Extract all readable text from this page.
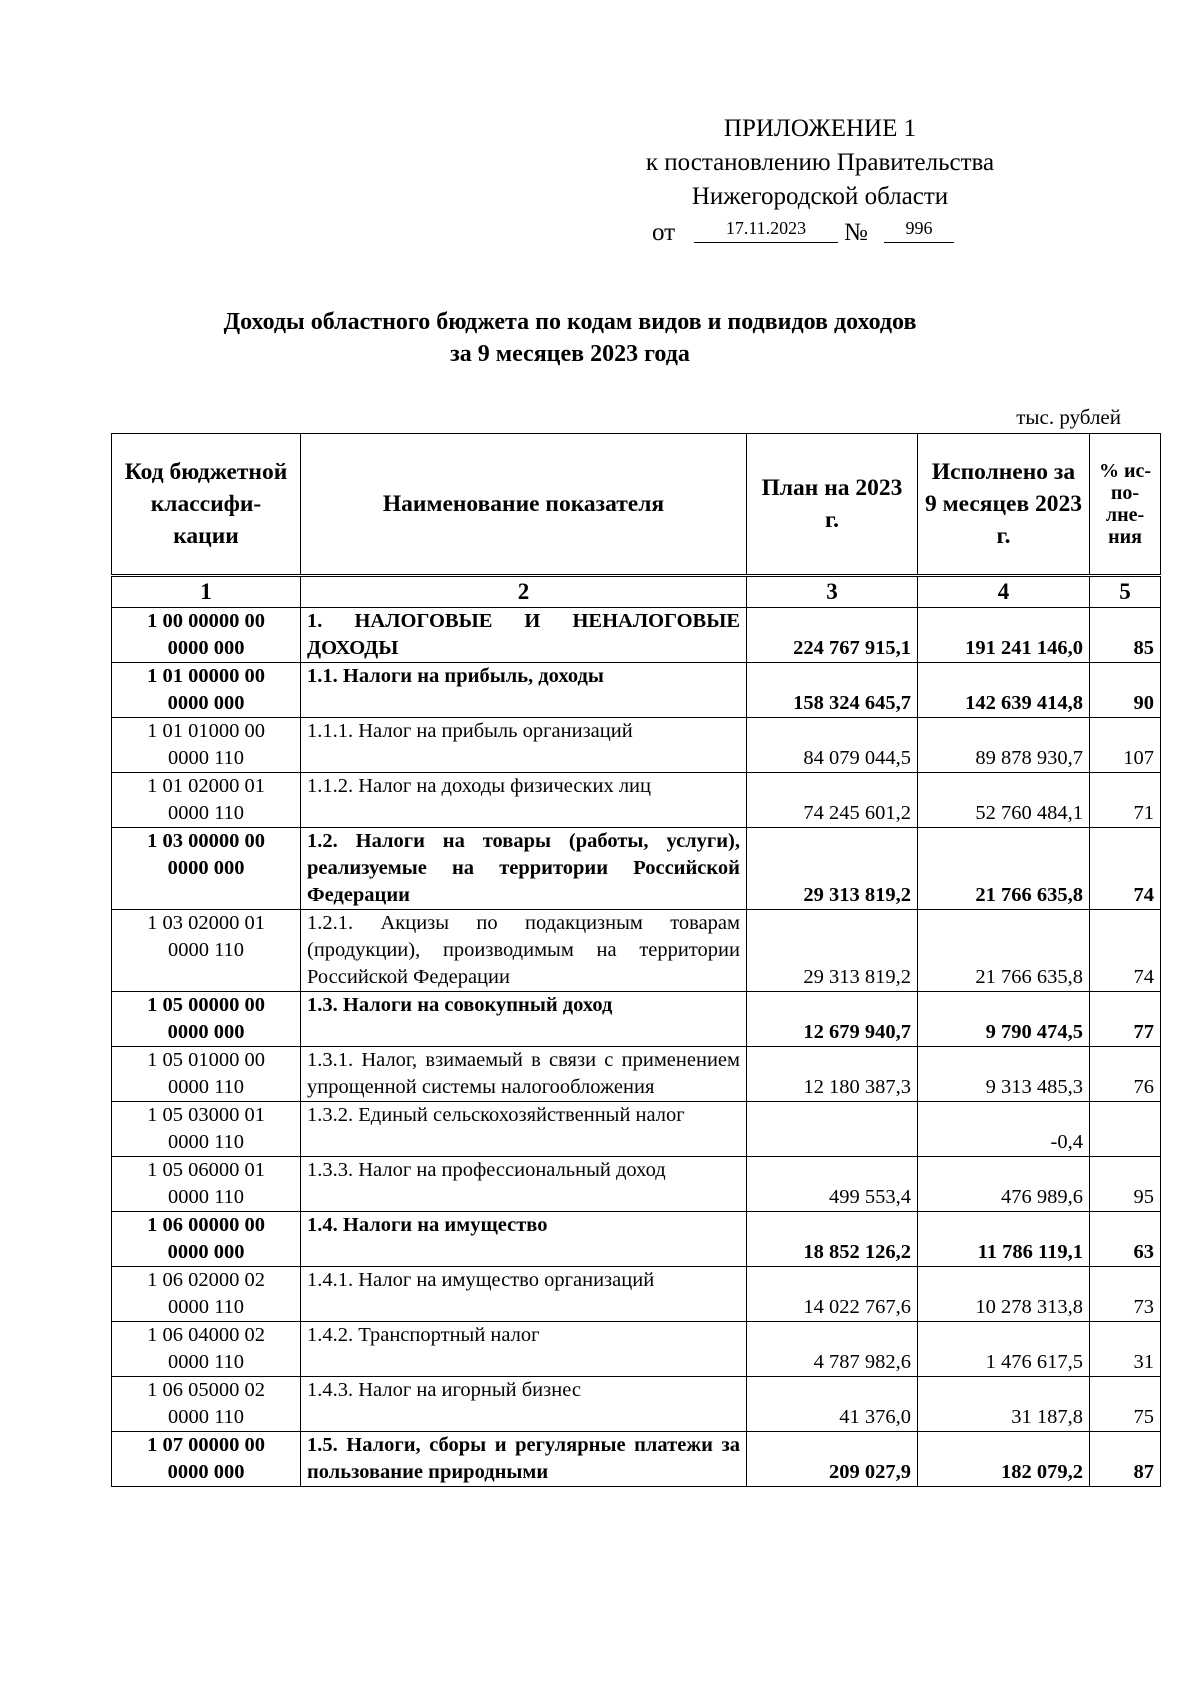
ПРИЛОЖЕНИЕ 1
к постановлению Правительства
Нижегородской области
от	17.11.2023	№	996
Доходы областного бюджета по кодам видов и подвидов доходов
за 9 месяцев 2023 года
тыс. рублей
Код бюджетной классифи-кации	Наименование показателя	План на 2023 г.	Исполнено за 9 месяцев 2023 г.	% ис-по-лне-ния
1	2	3	4	5

1 00 00000 00
0000 000	1. НАЛОГОВЫЕ И НЕНАЛОГОВЫЕ ДОХОДЫ	224 767 915,1	191 241 146,0	85

1 01 00000 00
0000 000	1.1. Налоги на прибыль, доходы	158 324 645,7	142 639 414,8	90

1 01 01000 00
0000 110	1.1.1. Налог на прибыль организаций	84 079 044,5	89 878 930,7	107

1 01 02000 01
0000 110	1.1.2. Налог на доходы физических лиц	74 245 601,2	52 760 484,1	71

1 03 00000 00
0000 000	1.2. Налоги на товары (работы, услуги), реализуемые на территории Российской Федерации	29 313 819,2	21 766 635,8	74

1 03 02000 01
0000 110	1.2.1. Акцизы по подакцизным товарам (продукции), производимым на территории Российской Федерации	29 313 819,2	21 766 635,8	74

1 05 00000 00
0000 000	1.3. Налоги на совокупный доход	12 679 940,7	9 790 474,5	77

1 05 01000 00
0000 110	1.3.1. Налог, взимаемый в связи с применением упрощенной системы налогообложения	12 180 387,3	9 313 485,3	76

1 05 03000 01
0000 110	1.3.2. Единый сельскохозяйственный налог		-0,4	

1 05 06000 01
0000 110	1.3.3. Налог на профессиональный доход	499 553,4	476 989,6	95

1 06 00000 00
0000 000	1.4. Налоги на имущество	18 852 126,2	11 786 119,1	63

1 06 02000 02
0000 110	1.4.1. Налог на имущество организаций	14 022 767,6	10 278 313,8	73

1 06 04000 02
0000 110	1.4.2. Транспортный налог	4 787 982,6	1 476 617,5	31

1 06 05000 02
0000 110	1.4.3. Налог на игорный бизнес	41 376,0	31 187,8	75

1 07 00000 00
0000 000	1.5. Налоги, сборы и регулярные платежи за пользование природными	209 027,9	182 079,2	87
